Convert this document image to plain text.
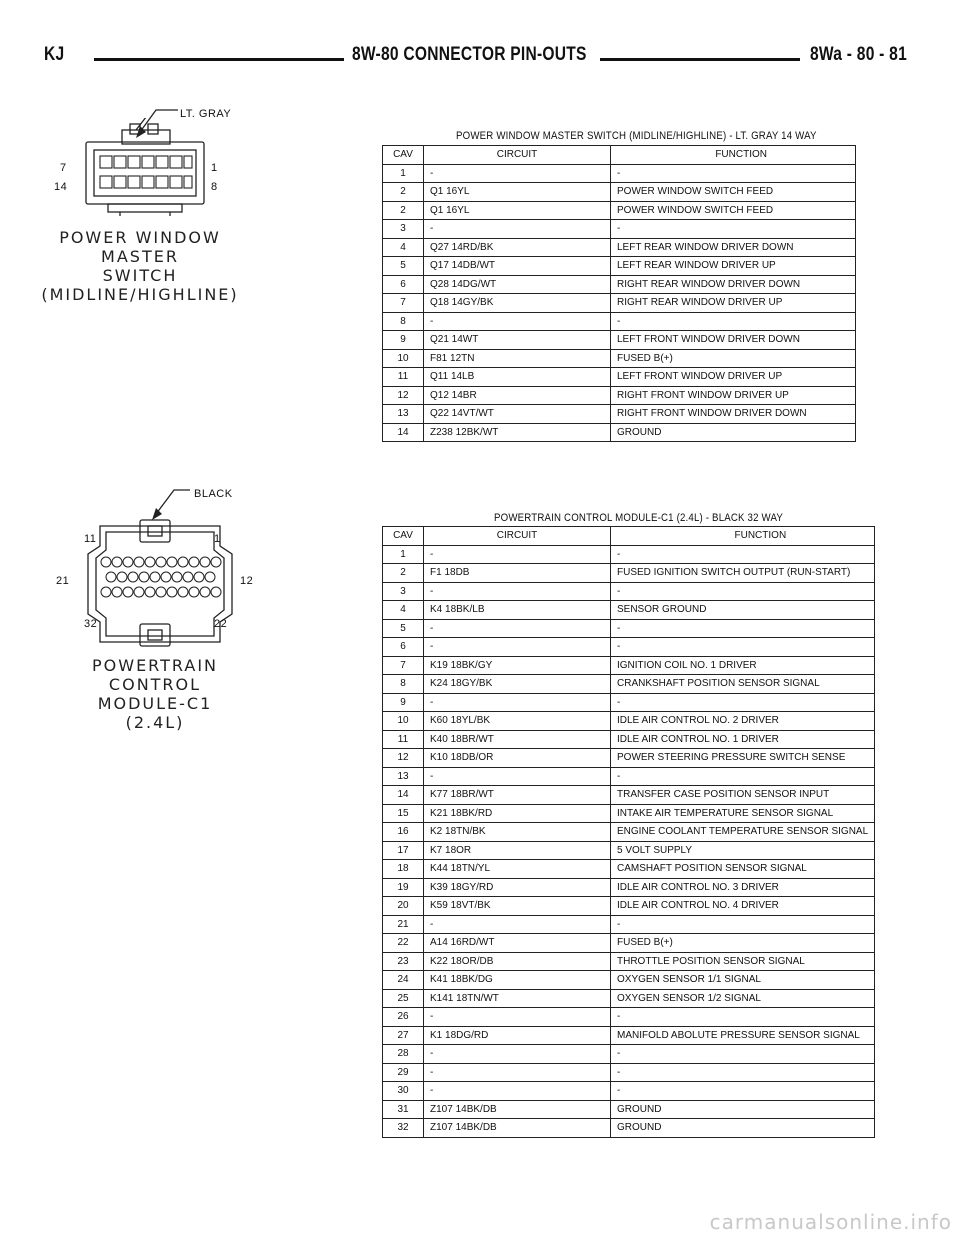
KJ	8W-80 CONNECTOR PIN-OUTS	8Wa - 80 - 81
LT. GRAY
7	1
14	8
POWER WINDOW
MASTER
SWITCH
(MIDLINE/HIGHLINE)
POWER WINDOW MASTER SWITCH (MIDLINE/HIGHLINE) - LT. GRAY 14 WAY
CAV	CIRCUIT	FUNCTION
1	-	-
2	Q1 16YL	POWER WINDOW SWITCH FEED
2	Q1 16YL	POWER WINDOW SWITCH FEED
3	-	-
4	Q27 14RD/BK	LEFT REAR WINDOW DRIVER DOWN
5	Q17 14DB/WT	LEFT REAR WINDOW DRIVER UP
6	Q28 14DG/WT	RIGHT REAR WINDOW DRIVER DOWN
7	Q18 14GY/BK	RIGHT REAR WINDOW DRIVER UP
8	-	-
9	Q21 14WT	LEFT FRONT WINDOW DRIVER DOWN
10	F81 12TN	FUSED B(+)
11	Q11 14LB	LEFT FRONT WINDOW DRIVER UP
12	Q12 14BR	RIGHT FRONT WINDOW DRIVER UP
13	Q22 14VT/WT	RIGHT FRONT WINDOW DRIVER DOWN
14	Z238 12BK/WT	GROUND
BLACK
11	1
21	12
32	22
POWERTRAIN
CONTROL
MODULE-C1
(2.4L)
POWERTRAIN CONTROL MODULE-C1 (2.4L) - BLACK 32 WAY
CAV	CIRCUIT	FUNCTION
1	-	-
2	F1 18DB	FUSED IGNITION SWITCH OUTPUT (RUN-START)
3	-	-
4	K4 18BK/LB	SENSOR GROUND
5	-	-
6	-	-
7	K19 18BK/GY	IGNITION COIL NO. 1 DRIVER
8	K24 18GY/BK	CRANKSHAFT POSITION SENSOR SIGNAL
9	-	-
10	K60 18YL/BK	IDLE AIR CONTROL NO. 2 DRIVER
11	K40 18BR/WT	IDLE AIR CONTROL NO. 1 DRIVER
12	K10 18DB/OR	POWER STEERING PRESSURE SWITCH SENSE
13	-	-
14	K77 18BR/WT	TRANSFER CASE POSITION SENSOR INPUT
15	K21 18BK/RD	INTAKE AIR TEMPERATURE SENSOR SIGNAL
16	K2 18TN/BK	ENGINE COOLANT TEMPERATURE SENSOR SIGNAL
17	K7 18OR	5 VOLT SUPPLY
18	K44 18TN/YL	CAMSHAFT POSITION SENSOR SIGNAL
19	K39 18GY/RD	IDLE AIR CONTROL NO. 3 DRIVER
20	K59 18VT/BK	IDLE AIR CONTROL NO. 4 DRIVER
21	-	-
22	A14 16RD/WT	FUSED B(+)
23	K22 18OR/DB	THROTTLE POSITION SENSOR SIGNAL
24	K41 18BK/DG	OXYGEN SENSOR 1/1 SIGNAL
25	K141 18TN/WT	OXYGEN SENSOR 1/2 SIGNAL
26	-	-
27	K1 18DG/RD	MANIFOLD ABOLUTE PRESSURE SENSOR SIGNAL
28	-	-
29	-	-
30	-	-
31	Z107 14BK/DB	GROUND
32	Z107 14BK/DB	GROUND
carmanualsonline.info
